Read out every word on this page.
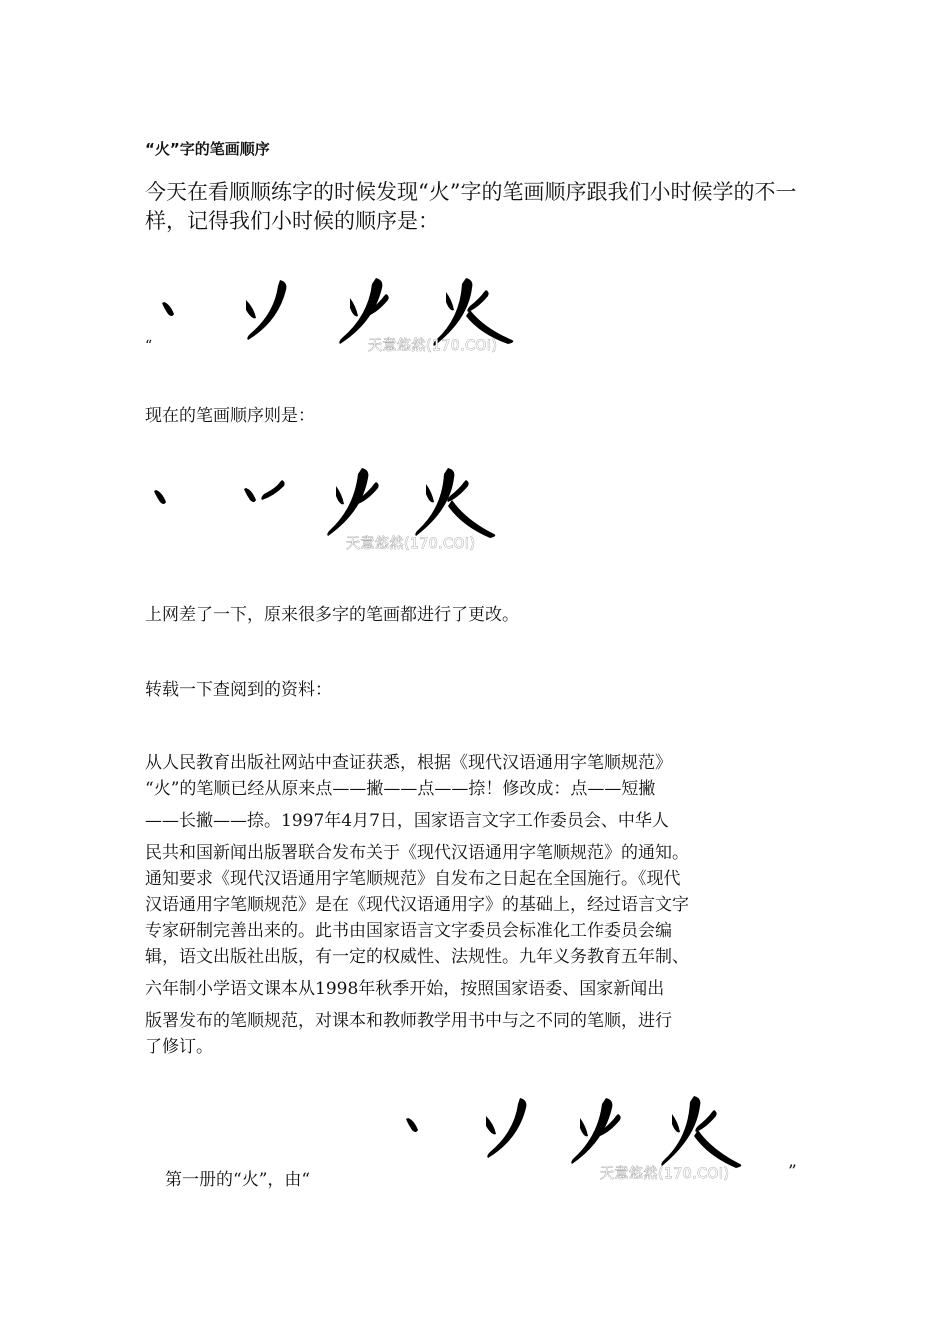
“火”字的笔画顺序
今天在看顺顺练字的时候发现“火”字的笔画顺序跟我们小时候学的不一样，记得我们小时候的顺序是：
“	天意悠然(170.COI)
现在的笔画顺序则是：
天意悠然(170.COI)
上网差了一下，原来很多字的笔画都进行了更改。
转载一下查阅到的资料：
从人民教育出版社网站中查证获悉，根据《现代汉语通用字笔顺规范》
“火”的笔顺已经从原来点——撇——点——捺！修改成：点——短撇
——长撇——捺。1997年4月7日，国家语言文字工作委员会、中华人
民共和国新闻出版署联合发布关于《现代汉语通用字笔顺规范》的通知。
通知要求《现代汉语通用字笔顺规范》自发布之日起在全国施行。《现代
汉语通用字笔顺规范》是在《现代汉语通用字》的基础上，经过语言文字
专家研制完善出来的。此书由国家语言文字委员会标准化工作委员会编
辑，语文出版社出版，有一定的权威性、法规性。九年义务教育五年制、
六年制小学语文课本从1998年秋季开始，按照国家语委、国家新闻出
版署发布的笔顺规范，对课本和教师教学用书中与之不同的笔顺，进行
了修订。
天意悠然(170.COI)
第一册的“火”，由“	”
